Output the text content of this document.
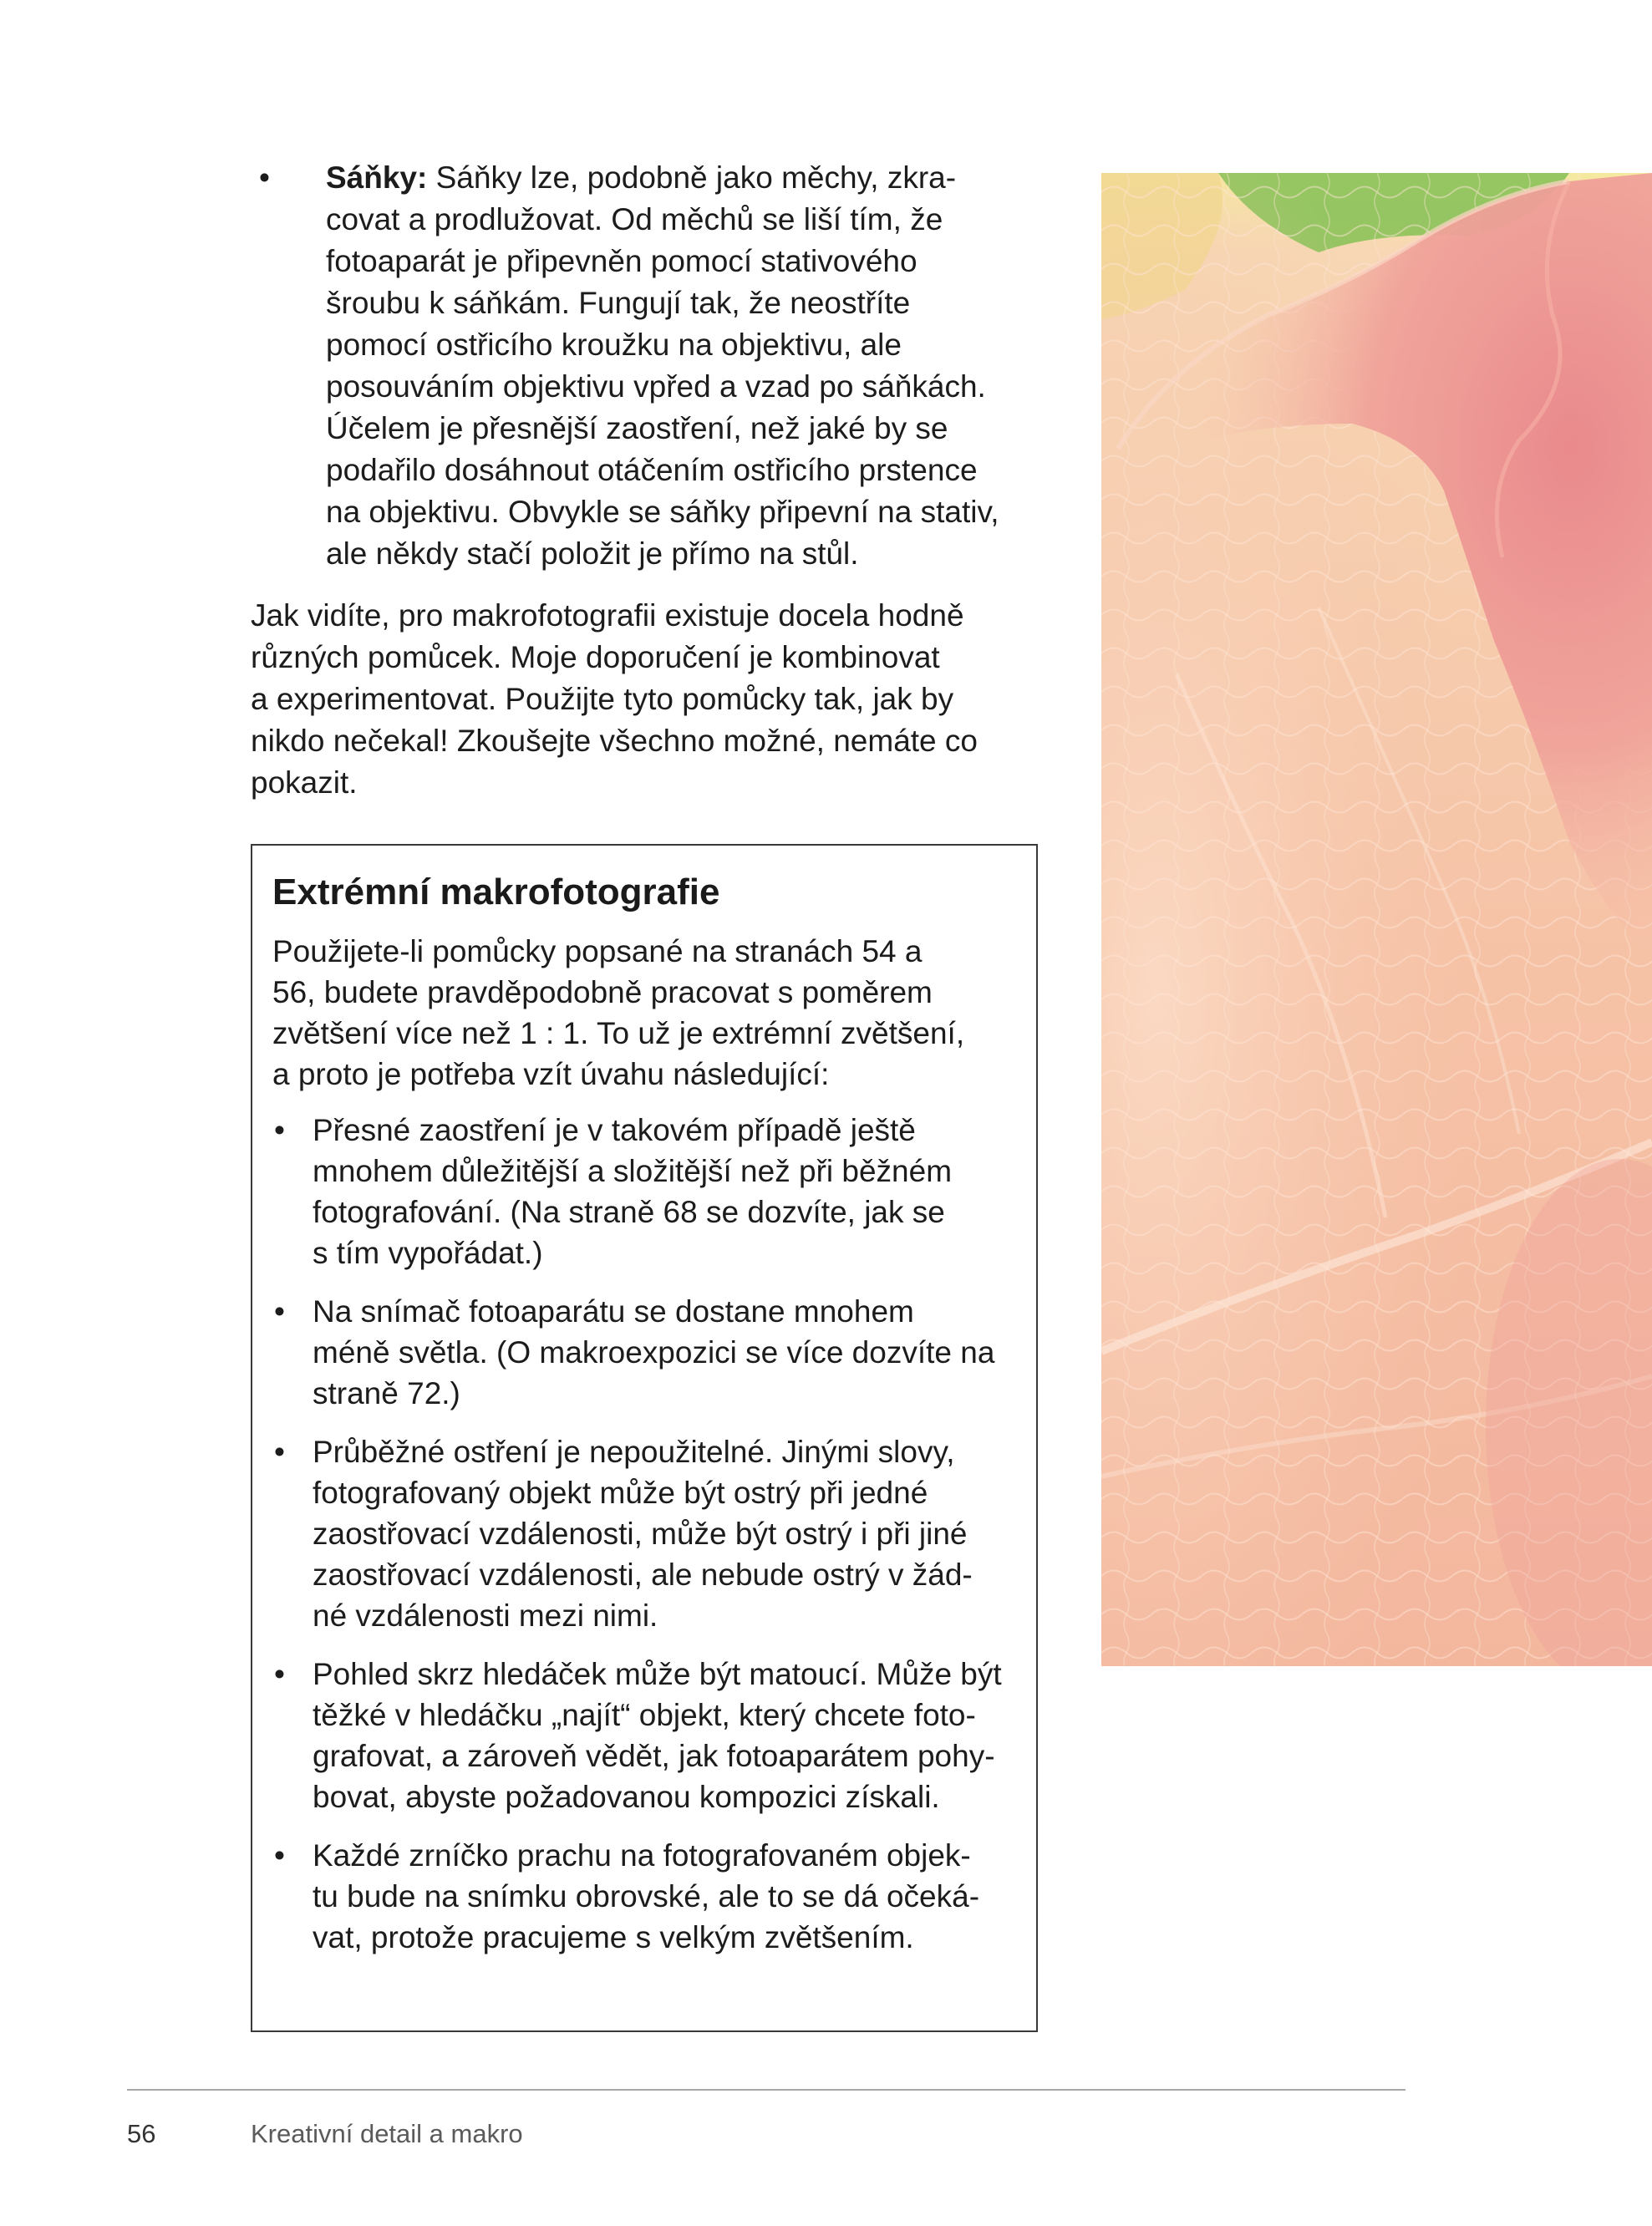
• Sáňky: Sáňky lze, podobně jako měchy, zkra-
covat a prodlužovat. Od měchů se liší tím, že
fotoaparát je připevněn pomocí stativového
šroubu k sáňkám. Fungují tak, že neostříte
pomocí ostřicího kroužku na objektivu, ale
posouváním objektivu vpřed a vzad po sáňkách.
Účelem je přesnější zaostření, než jaké by se
podařilo dosáhnout otáčením ostřicího prstence
na objektivu. Obvykle se sáňky připevní na stativ,
ale někdy stačí položit je přímo na stůl.
Jak vidíte, pro makrofotografii existuje docela hodně
různých pomůcek. Moje doporučení je kombinovat
a experimentovat. Použijte tyto pomůcky tak, jak by
nikdo nečekal! Zkoušejte všechno možné, nemáte co
pokazit.
Extrémní makrofotografie
Použijete-li pomůcky popsané na stranách 54 a
56, budete pravděpodobně pracovat s poměrem
zvětšení více než 1 : 1. To už je extrémní zvětšení,
a proto je potřeba vzít úvahu následující:
• Přesné zaostření je v takovém případě ještě
mnohem důležitější a složitější než při běžném
fotografování. (Na straně 68 se dozvíte, jak se
s tím vypořádat.)
• Na snímač fotoaparátu se dostane mnohem
méně světla. (O makroexpozici se více dozvíte na
straně 72.)
• Průběžné ostření je nepoužitelné. Jinými slovy,
fotografovaný objekt může být ostrý při jedné
zaostřovací vzdálenosti, může být ostrý i při jiné
zaostřovací vzdálenosti, ale nebude ostrý v žád-
né vzdálenosti mezi nimi.
• Pohled skrz hledáček může být matoucí. Může být
těžké v hledáčku „najít“ objekt, který chcete foto-
grafovat, a zároveň vědět, jak fotoaparátem pohy-
bovat, abyste požadovanou kompozici získali.
• Každé zrníčko prachu na fotografovaném objek-
tu bude na snímku obrovské, ale to se dá očeká-
vat, protože pracujeme s velkým zvětšením.
56	Kreativní detail a makro
